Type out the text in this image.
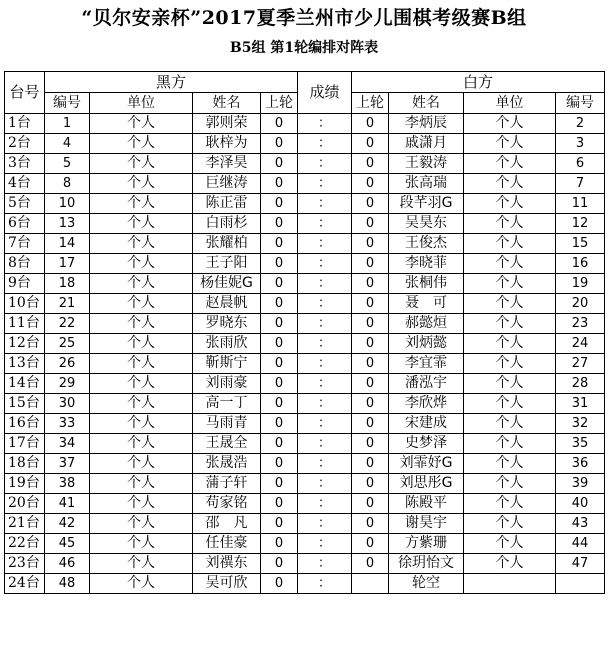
“贝尔安亲杯”2017夏季兰州市少儿围棋考级赛B组
B5组 第1轮编排对阵表
台号	黑方				成绩	白方			
	编号	单位	姓名	上轮		上轮	姓名	单位	编号
1台	1	个人	郭则荣	0	：	0	李炳辰	个人	2
2台	4	个人	耿梓为	0	：	0	戚潇月	个人	3
3台	5	个人	李泽昊	0	：	0	王毅涛	个人	6
4台	8	个人	巨继涛	0	：	0	张高瑞	个人	7
5台	10	个人	陈正雷	0	：	0	段芊羽G	个人	11
6台	13	个人	白雨杉	0	：	0	吴昊东	个人	12
7台	14	个人	张耀柏	0	：	0	王俊杰	个人	15
8台	17	个人	王子阳	0	：	0	李晓菲	个人	16
9台	18	个人	杨佳妮G	0	：	0	张桐伟	个人	19
10台	21	个人	赵晨帆	0	：	0	聂　可	个人	20
11台	22	个人	罗晓东	0	：	0	郝懿烜	个人	23
12台	25	个人	张雨欣	0	：	0	刘炳懿	个人	24
13台	26	个人	靳斯宁	0	：	0	李宜霏	个人	27
14台	29	个人	刘雨豪	0	：	0	潘泓宇	个人	28
15台	30	个人	高一丁	0	：	0	李欣烨	个人	31
16台	33	个人	马雨青	0	：	0	宋建成	个人	32
17台	34	个人	王晟全	0	：	0	史梦泽	个人	35
18台	37	个人	张晟浩	0	：	0	刘霏妤G	个人	36
19台	38	个人	蒲子轩	0	：	0	刘思彤G	个人	39
20台	41	个人	苟家铭	0	：	0	陈殿平	个人	40
21台	42	个人	邵　凡	0	：	0	谢昊宇	个人	43
22台	45	个人	任佳豪	0	：	0	方紫珊	个人	44
23台	46	个人	刘禩东	0	：	0	徐玥怡文	个人	47
24台	48	个人	吴可欣	0	：		轮空		
